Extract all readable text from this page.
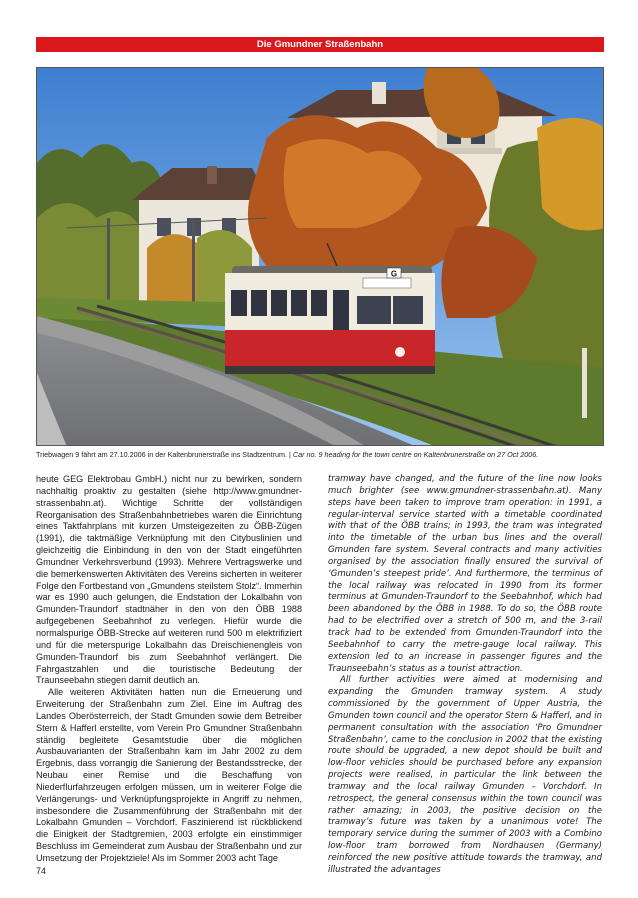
Die Gmundner Straßenbahn
G
Triebwagen 9 fährt am 27.10.2006 in der Kaltenbrunerstraße ins Stadtzentrum. | Car no. 9 heading for the town centre on Kaltenbrunerstraße on 27 Oct 2006.

heute GEG Elektrobau GmbH.) nicht nur zu bewirken, sondern nachhaltig proaktiv zu gestalten (siehe http://www.gmundner-strassenbahn.at). Wichtige Schritte der vollständigen Reorganisation des Straßenbahnbetriebes waren die Einrichtung eines Taktfahrplans mit kurzen Umsteigezeiten zu ÖBB-Zügen (1991), die taktmäßige Verknüpfung mit den Citybuslinien und gleichzeitig die Einbindung in den von der Stadt eingeführten Gmundner Verkehrsverbund (1993). Mehrere Vertragswerke und die bemerkenswerten Aktivitäten des Vereins sicherten in weiterer Folge den Fortbestand von „Gmundens steilstem Stolz“. Immerhin war es 1990 auch gelungen, die Endstation der Lokalbahn von Gmunden-Traundorf stadtnäher in den von den ÖBB 1988 aufgegebenen Seebahnhof zu verlegen. Hiefür wurde die normalspurige ÖBB-Strecke auf weiteren rund 500 m elektrifiziert und für die meterspurige Lokalbahn das Dreischienengleis von Gmunden-Traundorf bis zum Seebahnhof verlängert. Die Fahrgastzahlen und die touristische Bedeutung der Traunseebahn stiegen damit deutlich an.

Alle weiteren Aktivitäten hatten nun die Erneuerung und Erweiterung der Straßenbahn zum Ziel. Eine im Auftrag des Landes Oberösterreich, der Stadt Gmunden sowie dem Betreiber Stern & Hafferl erstellte, vom Verein Pro Gmundner Straßenbahn ständig begleitete Gesamtstudie über die möglichen Ausbauvarianten der Straßenbahn kam im Jahr 2002 zu dem Ergebnis, dass vorrangig die Sanierung der Bestandsstrecke, der Neubau einer Remise und die Beschaffung von Niederflurfahrzeugen erfolgen müssen, um in weiterer Folge die Verlängerungs- und Verknüpfungsprojekte in Angriff zu nehmen, insbesondere die Zusammenführung der Straßenbahn mit der Lokalbahn Gmunden – Vorchdorf. Faszinierend ist rückblickend die Einigkeit der Stadtgremien, 2003 erfolgte ein einstimmiger Beschluss im Gemeinderat zum Ausbau der Straßenbahn und zur Umsetzung der Projektziele! Als im Sommer 2003 acht Tage

tramway have changed, and the future of the line now looks much brighter (see www.gmundner-strassenbahn.at). Many steps have been taken to improve tram operation: in 1991, a regular-interval service started with a timetable coordinated with that of the ÖBB trains; in 1993, the tram was integrated into the timetable of the urban bus lines and the overall Gmunden fare system. Several contracts and many activities organised by the association finally ensured the survival of ‘Gmunden’s steepest pride’. And furthermore, the terminus of the local railway was relocated in 1990 from its former terminus at Gmunden-Traundorf to the Seebahnhof, which had been abandoned by the ÖBB in 1988. To do so, the ÖBB route had to be electrified over a stretch of 500 m, and the 3-rail track had to be extended from Gmunden-Traundorf into the Seebahnhof to carry the metre-gauge local railway. This extension led to an increase in passenger figures and the Traunseebahn’s status as a tourist attraction.

All further activities were aimed at modernising and expanding the Gmunden tramway system. A study commissioned by the government of Upper Austria, the Gmunden town council and the operator Stern & Hafferl, and in permanent consultation with the association ‘Pro Gmundner Straßenbahn’, came to the conclusion in 2002 that the existing route should be upgraded, a new depot should be built and low-floor vehicles should be purchased before any expansion projects were realised, in particular the link between the tramway and the local railway Gmunden – Vorchdorf. In retrospect, the general consensus within the town council was rather amazing; in 2003, the positive decision on the tramway’s future was taken by a unanimous vote! The temporary service during the summer of 2003 with a Combino low-floor tram borrowed from Nordhausen (Germany) reinforced the new positive attitude towards the tramway, and illustrated the advantages

74
